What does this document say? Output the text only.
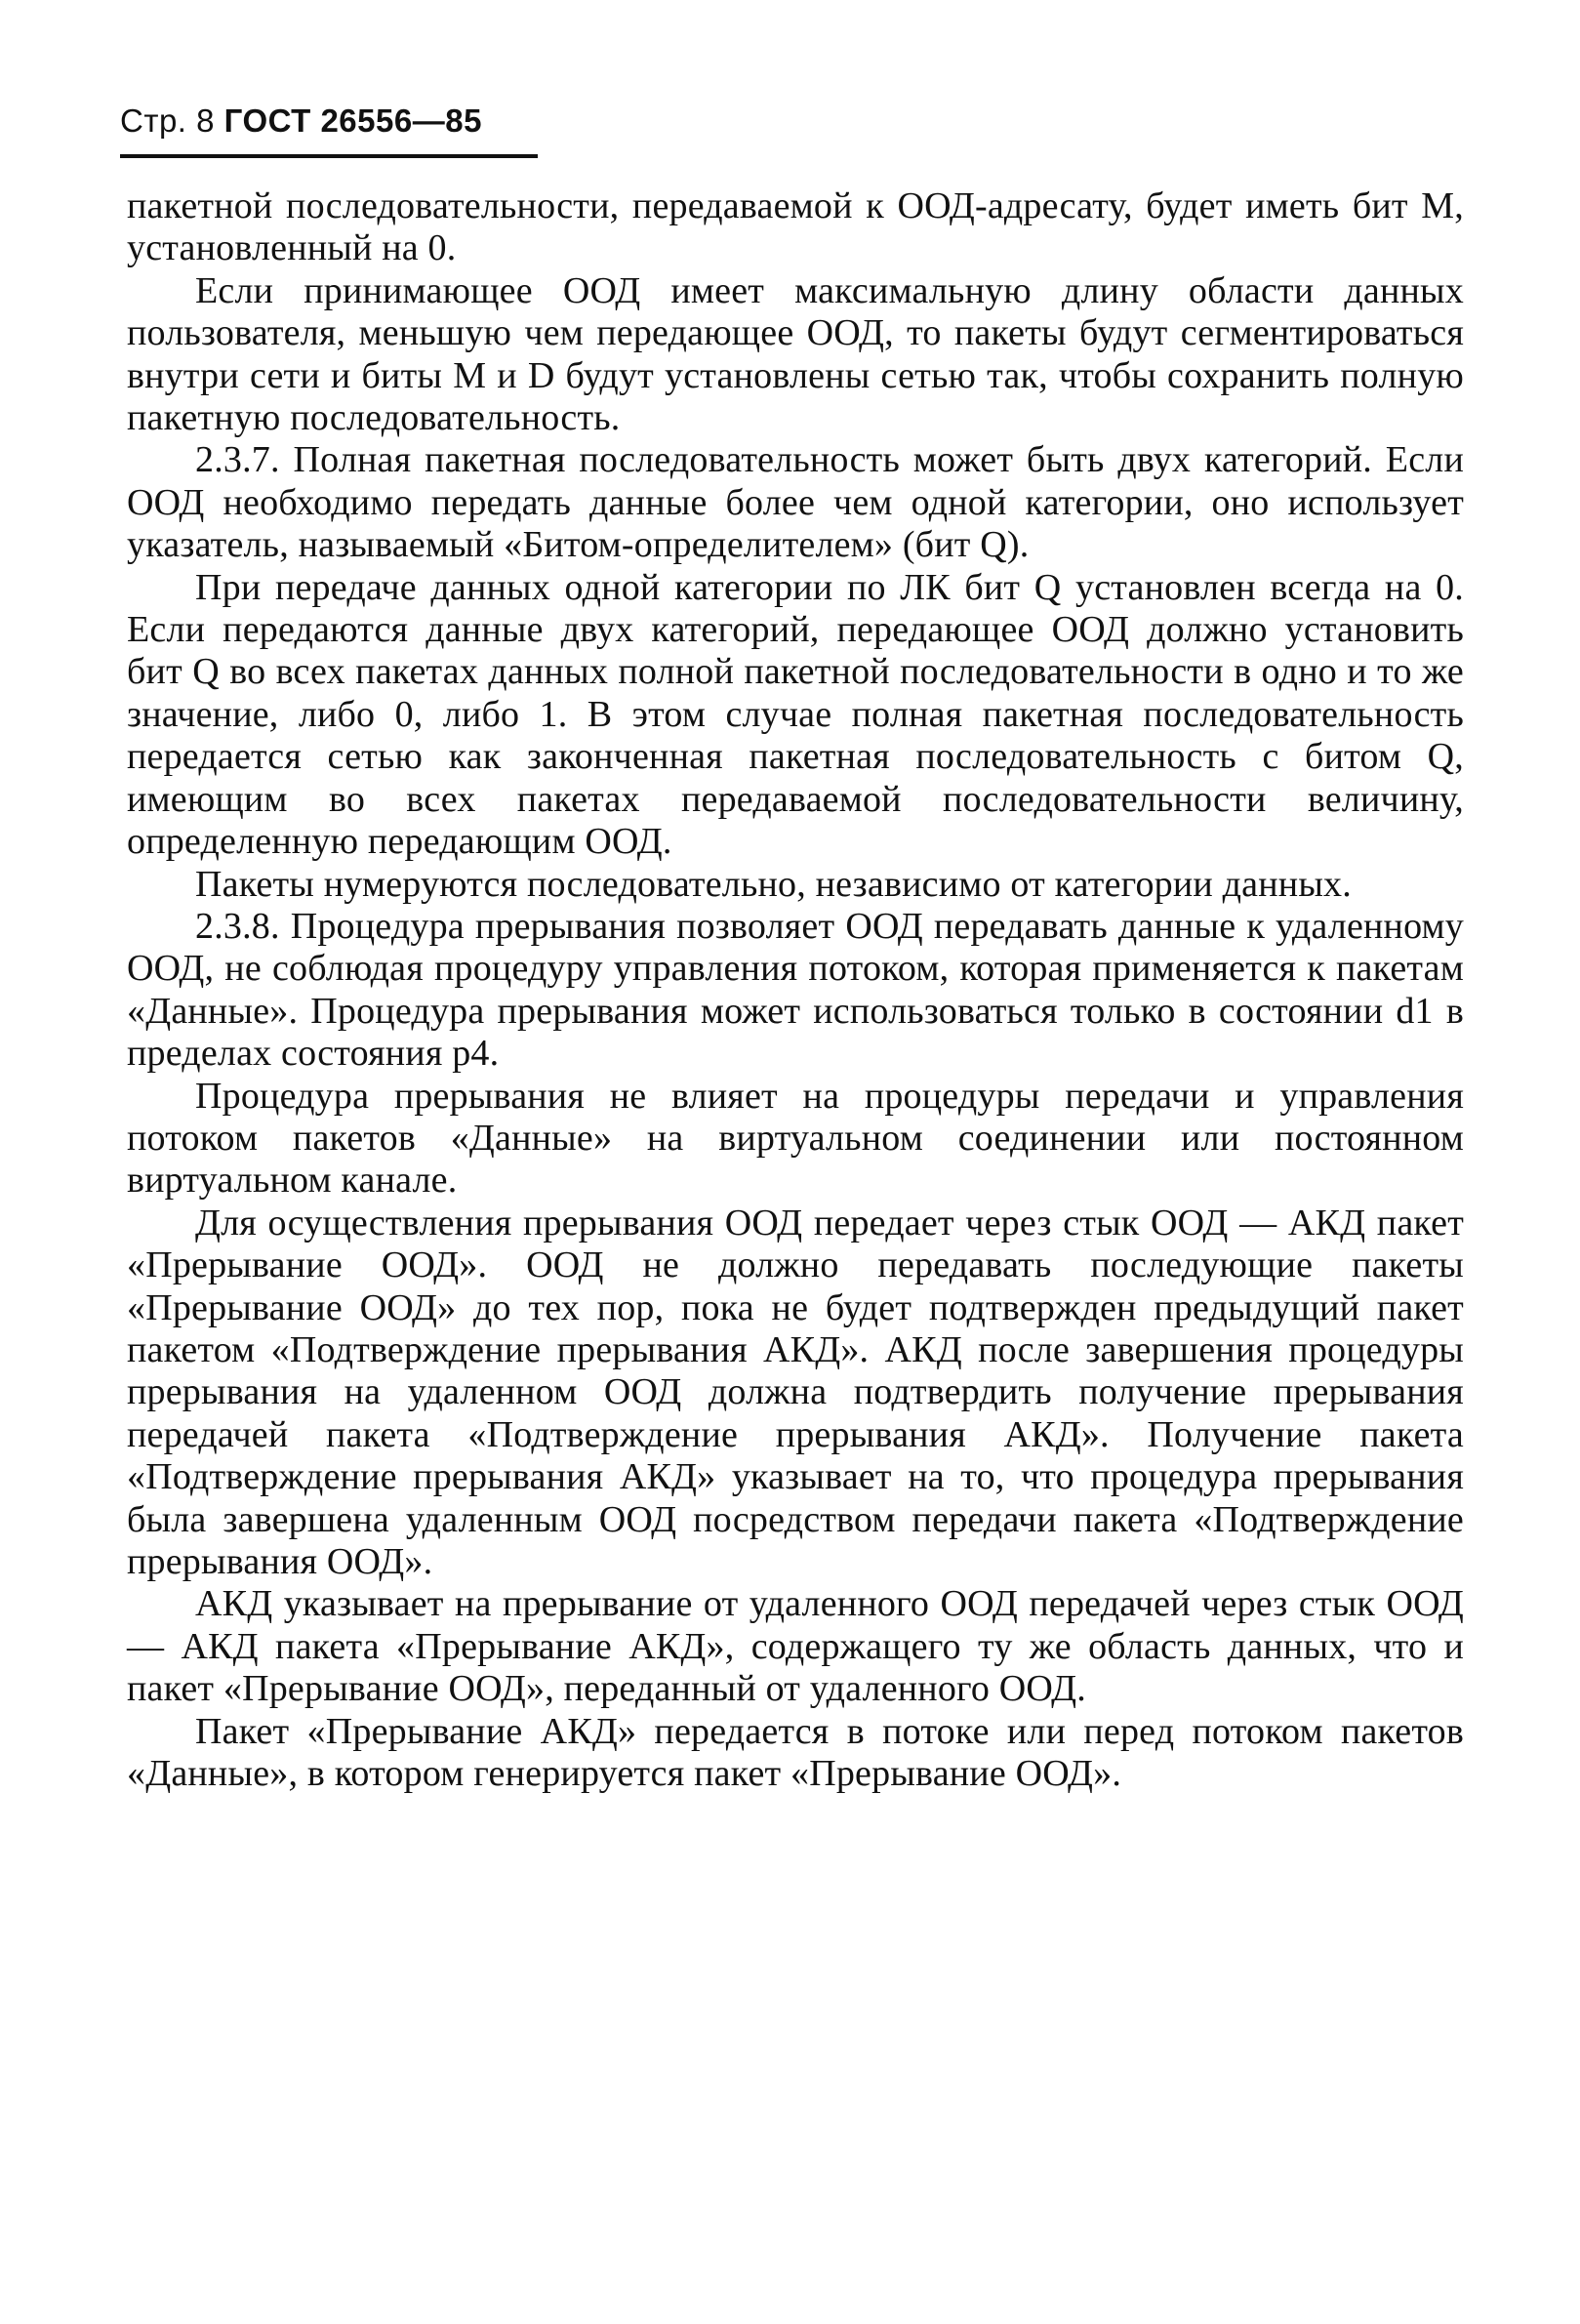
Стр. 8 ГОСТ 26556—85

пакетной последовательности, передаваемой к ООД-адресату, будет иметь бит М, установленный на 0.

Если принимающее ООД имеет максимальную длину области данных пользователя, меньшую чем передающее ООД, то пакеты будут сегментироваться внутри сети и биты М и D будут установлены сетью так, чтобы сохранить полную пакетную последовательность.

2.3.7. Полная пакетная последовательность может быть двух категорий. Если ООД необходимо передать данные более чем одной категории, оно использует указатель, называемый «Битом-определителем» (бит Q).

При передаче данных одной категории по ЛК бит Q установлен всегда на 0. Если передаются данные двух категорий, передающее ООД должно установить бит Q во всех пакетах данных полной пакетной последовательности в одно и то же значение, либо 0, либо 1. В этом случае полная пакетная последовательность передается сетью как законченная пакетная последовательность с битом Q, имеющим во всех пакетах передаваемой последовательности величину, определенную передающим ООД.

Пакеты нумеруются последовательно, независимо от категории данных.

2.3.8. Процедура прерывания позволяет ООД передавать данные к удаленному ООД, не соблюдая процедуру управления потоком, которая применяется к пакетам «Данные». Процедура прерывания может использоваться только в состоянии d1 в пределах состояния р4.

Процедура прерывания не влияет на процедуры передачи и управления потоком пакетов «Данные» на виртуальном соединении или постоянном виртуальном канале.

Для осуществления прерывания ООД передает через стык ООД — АКД пакет «Прерывание ООД». ООД не должно передавать последующие пакеты «Прерывание ООД» до тех пор, пока не будет подтвержден предыдущий пакет пакетом «Подтверждение прерывания АКД». АКД после завершения процедуры прерывания на удаленном ООД должна подтвердить получение прерывания передачей пакета «Подтверждение прерывания АКД». Получение пакета «Подтверждение прерывания АКД» указывает на то, что процедура прерывания была завершена удаленным ООД посредством передачи пакета «Подтверждение прерывания ООД».

АКД указывает на прерывание от удаленного ООД передачей через стык ООД — АКД пакета «Прерывание АКД», содержащего ту же область данных, что и пакет «Прерывание ООД», переданный от удаленного ООД.

Пакет «Прерывание АКД» передается в потоке или перед потоком пакетов «Данные», в котором генерируется пакет «Прерывание ООД».
